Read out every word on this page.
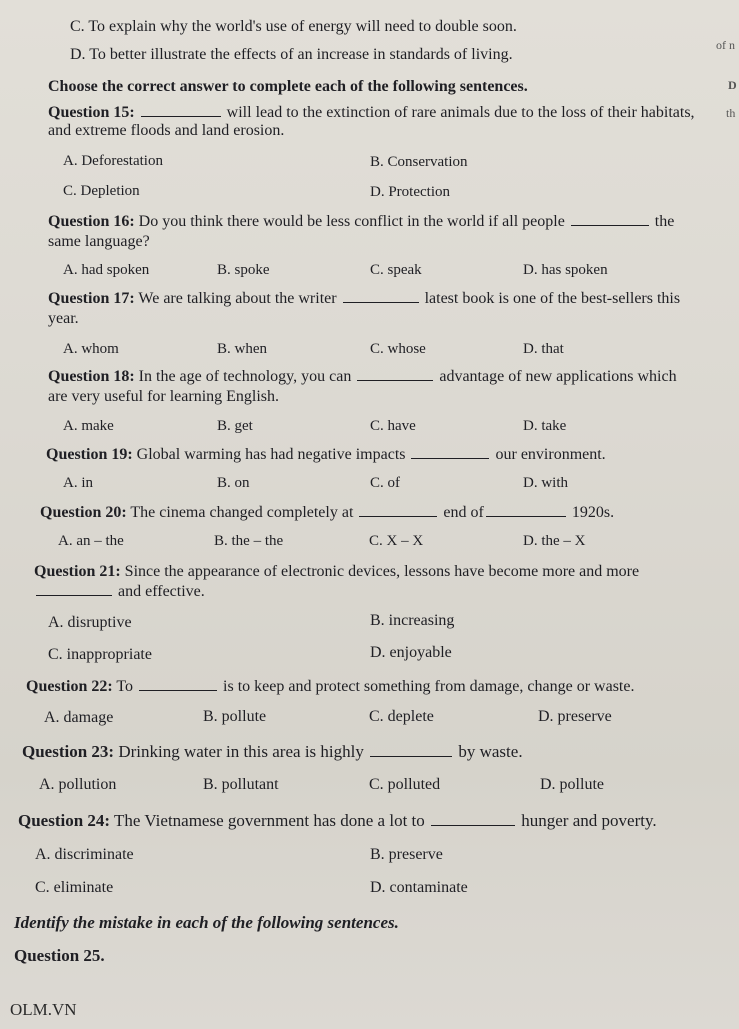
C. To explain why the world's use of energy will need to double soon.
D. To better illustrate the effects of an increase in standards of living.
of n
D
th
Choose the correct answer to complete each of the following sentences.
Question 15:	will lead to the extinction of rare animals due to the loss of their habitats,
and extreme floods and land erosion.
A. Deforestation	B. Conservation
C. Depletion	D. Protection
Question 16: Do you think there would be less conflict in the world if all people	the
same language?
A. had spoken	B. spoke	C. speak	D. has spoken
Question 17: We are talking about the writer	latest book is one of the best-sellers this
year.
A. whom	B. when	C. whose	D. that
Question 18: In the age of technology, you can	advantage of new applications which
are very useful for learning English.
A. make	B. get	C. have	D. take
Question 19: Global warming has had negative impacts	our environment.
A. in	B. on	C. of	D. with
Question 20: The cinema changed completely at	end of	1920s.
A. an – the	B. the – the	C. X – X	D. the – X
Question 21: Since the appearance of electronic devices, lessons have become more and more
and effective.
A. disruptive	B. increasing
C. inappropriate	D. enjoyable
Question 22: To	is to keep and protect something from damage, change or waste.
A. damage	B. pollute	C. deplete	D. preserve
Question 23: Drinking water in this area is highly	by waste.
A. pollution	B. pollutant	C. polluted	D. pollute
Question 24: The Vietnamese government has done a lot to	hunger and poverty.
A. discriminate	B. preserve
C. eliminate	D. contaminate
Identify the mistake in each of the following sentences.
Question 25.
OLM.VN
